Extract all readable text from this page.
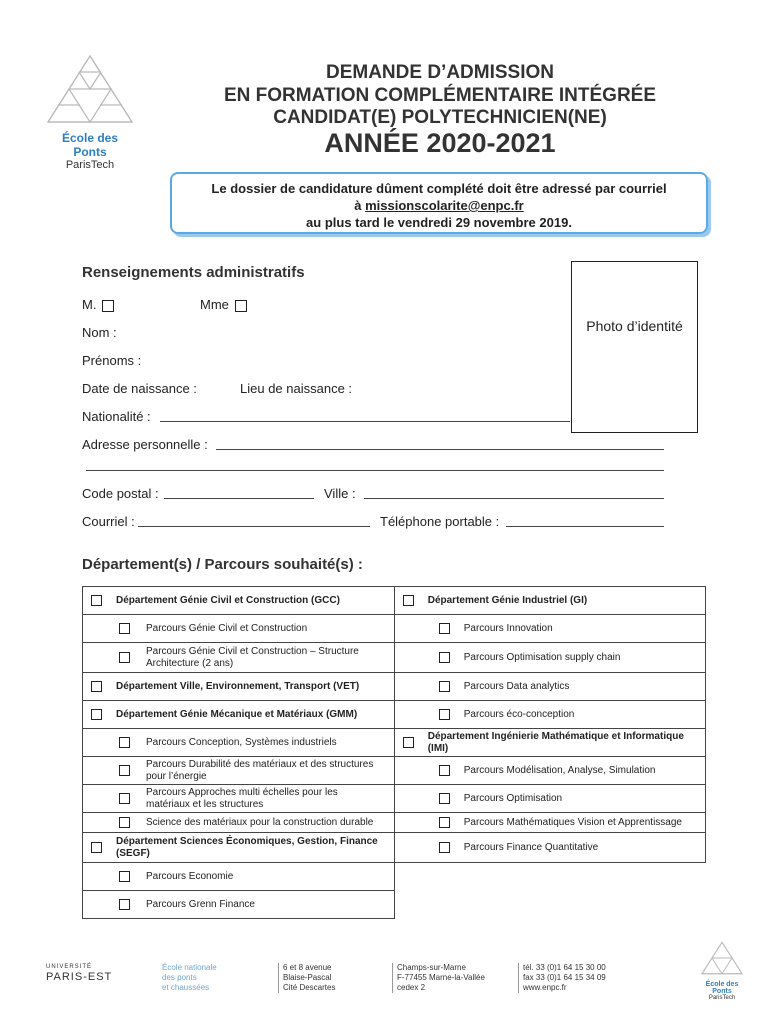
École des Ponts
ParisTech
DEMANDE D’ADMISSION
EN FORMATION COMPLÉMENTAIRE INTÉGRÉE
CANDIDAT(E) POLYTECHNICIEN(NE)
ANNÉE 2020-2021
Le dossier de candidature dûment complété doit être adressé par courriel
à missionscolarite@enpc.fr
au plus tard le vendredi 29 novembre 2019.
Renseignements administratifs
M.	Mme
Photo d’identité
Nom :
Prénoms :
Date de naissance :	Lieu de naissance :
Nationalité :
Adresse personnelle :
Code postal :	Ville :
Courriel :	Téléphone portable :
Département(s) / Parcours souhaité(s) :
Département Génie Civil et Construction (GCC)	Département Génie Industriel (GI)

Parcours Génie Civil et Construction	Parcours Innovation

Parcours Génie Civil et Construction – Structure Architecture (2 ans)	Parcours Optimisation supply chain

Département Ville, Environnement, Transport (VET)	Parcours Data analytics

Département Génie Mécanique et Matériaux (GMM)	Parcours éco-conception

Parcours Conception, Systèmes industriels	Département Ingénierie Mathématique et Informatique (IMI)

Parcours Durabilité des matériaux et des structures pour l’énergie	Parcours Modélisation, Analyse, Simulation

Parcours Approches multi échelles pour les matériaux et les structures	Parcours Optimisation

Science des matériaux pour la construction durable	Parcours Mathématiques Vision et Apprentissage

Département Sciences Économiques, Gestion, Finance (SEGF)	Parcours Finance Quantitative

Parcours Economie	

Parcours Grenn Finance	

UNIVERSITÉ
PARIS-EST
École nationale
des ponts
et chaussées
6 et 8 avenue
Blaise-Pascal
Cité Descartes
Champs-sur-Marne
F-77455 Marne-la-Vallée
cedex 2
tél. 33 (0)1 64 15 30 00
fax 33 (0)1 64 15 34 09
www.enpc.fr	École des Ponts
ParisTech
